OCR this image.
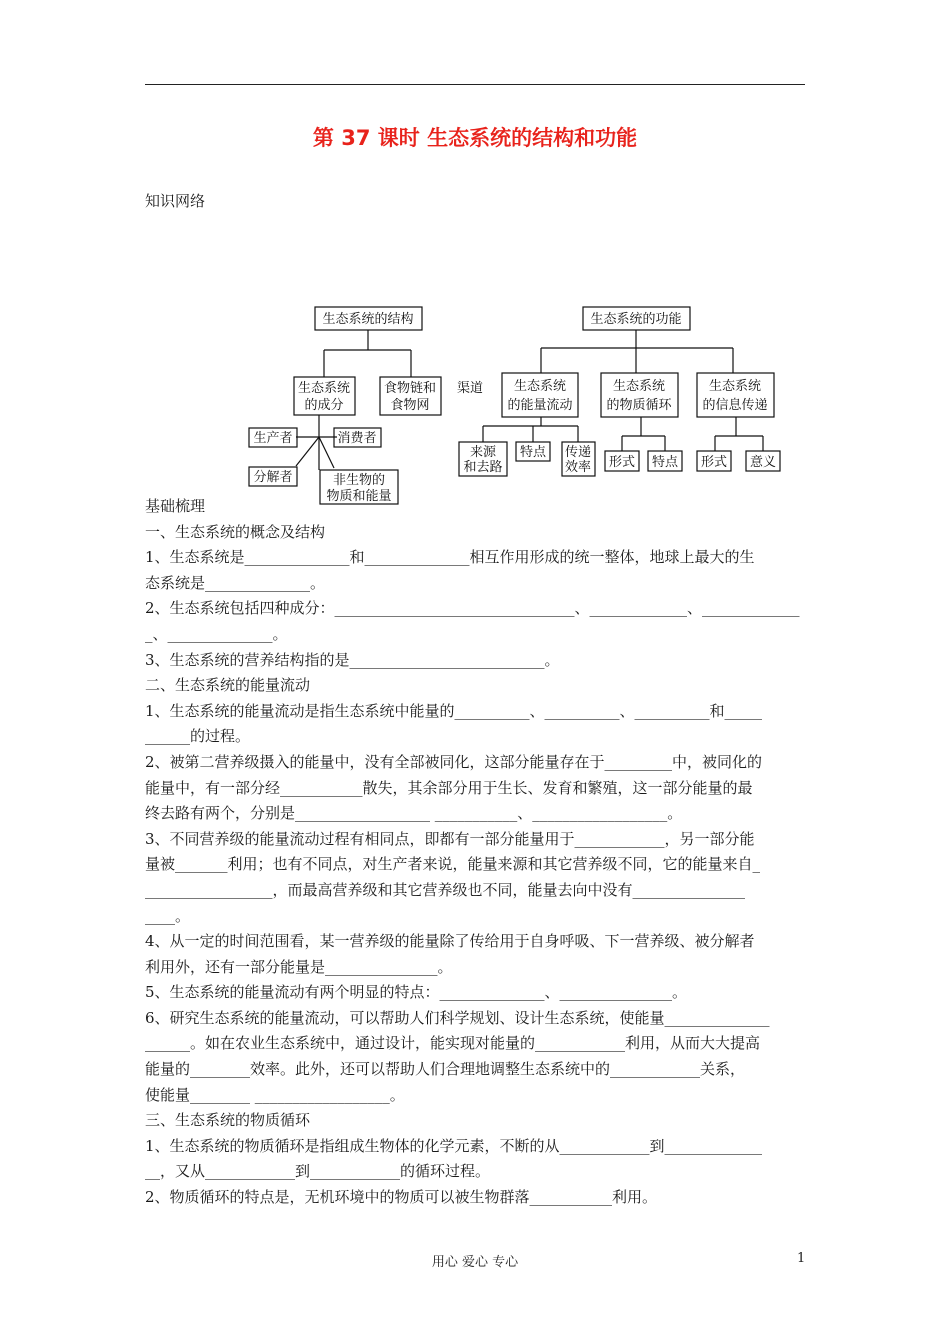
第 37 课时 生态系统的结构和功能
知识网络
生态系统的结构
生态系统
的成分
食物链和
食物网
渠道
生产者	消费者
分解者	非生物的
物质和能量
生态系统的功能
生态系统
的能量流动
生态系统
的物质循环
生态系统
的信息传递
来源
和去路
特点 传递
效率 形式 特点 形式 意义
基础梳理
一、生态系统的概念及结构
1、生态系统是______________和______________相互作用形成的统一整体，地球上最大的生
态系统是______________。
2、生态系统包括四种成分：________________________________、_____________、_____________
_、______________。
3、生态系统的营养结构指的是__________________________。
二、生态系统的能量流动
1、生态系统的能量流动是指生态系统中能量的__________、__________、__________和_____
______的过程。
2、被第二营养级摄入的能量中，没有全部被同化，这部分能量存在于_________中，被同化的
能量中，有一部分经___________散失，其余部分用于生长、发育和繁殖，这一部分能量的最
终去路有两个，分别是__________________ ___________、__________________。
3、不同营养级的能量流动过程有相同点，即都有一部分能量用于____________，另一部分能
量被_______利用；也有不同点，对生产者来说，能量来源和其它营养级不同，它的能量来自_
_________________，而最高营养级和其它营养级也不同，能量去向中没有_______________
____。
4、从一定的时间范围看，某一营养级的能量除了传给用于自身呼吸、下一营养级、被分解者
利用外，还有一部分能量是_______________。
5、生态系统的能量流动有两个明显的特点：______________、_______________。
6、研究生态系统的能量流动，可以帮助人们科学规划、设计生态系统，使能量______________
______。如在农业生态系统中，通过设计，能实现对能量的____________利用，从而大大提高
能量的________效率。此外，还可以帮助人们合理地调整生态系统中的____________关系，
使能量________ __________________。
三、生态系统的物质循环
1、生态系统的物质循环是指组成生物体的化学元素，不断的从____________到_____________
__，又从____________到____________的循环过程。
2、物质循环的特点是，无机环境中的物质可以被生物群落___________利用。
用心 爱心 专心	1
